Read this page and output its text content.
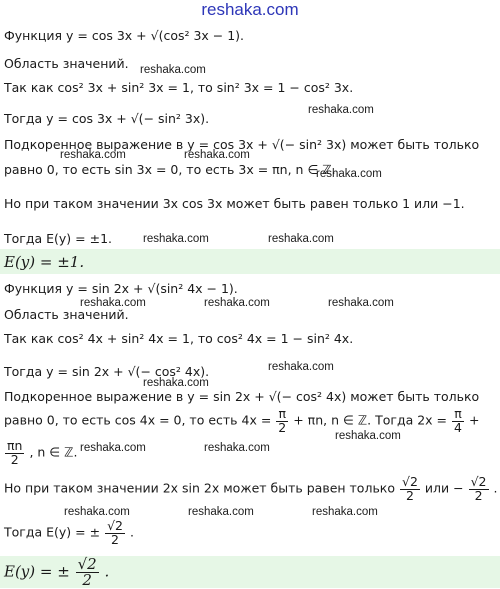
reshaka.com
Функция y = cos 3x + √(cos² 3x − 1).
Область значений.
Так как cos² 3x + sin² 3x = 1, то sin² 3x = 1 − cos² 3x.
Тогда y = cos 3x + √(− sin² 3x).
Подкоренное выражение в y = cos 3x + √(− sin² 3x) может быть только
равно 0, то есть sin 3x = 0, то есть 3x = πn, n ∈ ℤ.
Но при таком значении 3x cos 3x может быть равен только 1 или −1.
Тогда E(y) = ±1.
E(y) = ±1.
Функция y = sin 2x + √(sin² 4x − 1).
Область значений.
Так как cos² 4x + sin² 4x = 1, то cos² 4x = 1 − sin² 4x.
Тогда y = sin 2x + √(− cos² 4x).
Подкоренное выражение в y = sin 2x + √(− cos² 4x) может быть только
равно 0, то есть cos 4x = 0, то есть $4x = \frac{\pi}{2} + \pi n$, n ∈ ℤ. Тогда $2x = \frac{\pi}{4}$ +
$\frac{\pi n}{2}$ , n ∈ ℤ.
Но при таком значении 2x sin 2x может быть равен только $\frac{√2}{2}$ или − $\frac{√2}{2}$ .
Тогда E(y) = ± $\frac{√2}{2}$ .
E(y) = ± $\frac{√2}{2}$ .
reshaka.com
reshaka.com
reshaka.com	reshaka.com
reshaka.com
reshaka.com	reshaka.com
reshaka.com	reshaka.com	reshaka.com
reshaka.com
reshaka.com
reshaka.com
reshaka.com	reshaka.com
reshaka.com	reshaka.com	reshaka.com
